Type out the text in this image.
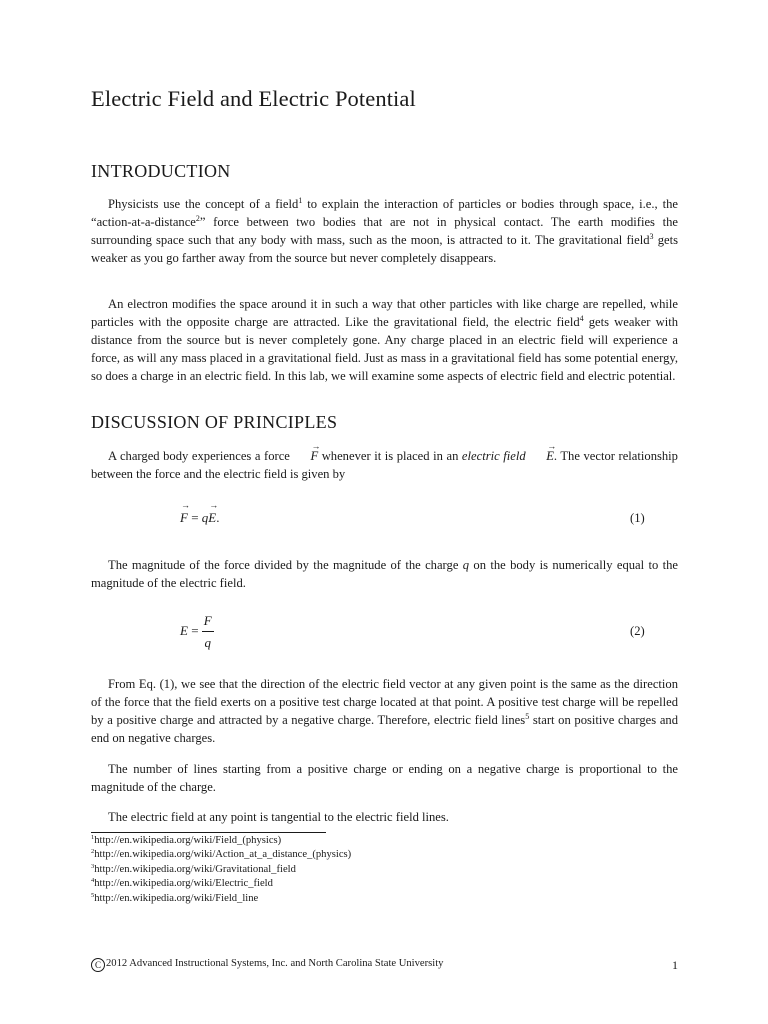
Electric Field and Electric Potential
INTRODUCTION

Physicists use the concept of a field$^1$ to explain the interaction of particles or bodies through space, i.e., the “action-at-a-distance$^2$” force between two bodies that are not in physical contact. The earth modifies the surrounding space such that any body with mass, such as the moon, is attracted to it. The gravitational field$^3$ gets weaker as you go farther away from the source but never completely disappears.

An electron modifies the space around it in such a way that other particles with like charge are repelled, while particles with the opposite charge are attracted. Like the gravitational field, the electric field$^4$ gets weaker with distance from the source but is never completely gone. Any charge placed in an electric field will experience a force, as will any mass placed in a gravitational field. Just as mass in a gravitational field has some potential energy, so does a charge in an electric field. In this lab, we will examine some aspects of electric field and electric potential.

DISCUSSION OF PRINCIPLES

A charged body experiences a force F → whenever it is placed in an electric field E →. The vector relationship between the force and the electric field is given by

F → = qE →.	(1)

The magnitude of the force divided by the magnitude of the charge q on the body is numerically equal to the magnitude of the electric field.

$E = \frac{F}{q}$	(2)

From Eq. (1), we see that the direction of the electric field vector at any given point is the same as the direction of the force that the field exerts on a positive test charge located at that point. A positive test charge will be repelled by a positive charge and attracted by a negative charge. Therefore, electric field lines$^5$ start on positive charges and end on negative charges.

The number of lines starting from a positive charge or ending on a negative charge is proportional to the magnitude of the charge.

The electric field at any point is tangential to the electric field lines.

$^1$http://en.wikipedia.org/wiki/Field_(physics)
$^2$http://en.wikipedia.org/wiki/Action_at_a_distance_(physics)
$^3$http://en.wikipedia.org/wiki/Gravitational_field
$^4$http://en.wikipedia.org/wiki/Electric_field
$^5$http://en.wikipedia.org/wiki/Field_line
C 2012 Advanced Instructional Systems, Inc. and North Carolina State University	1
